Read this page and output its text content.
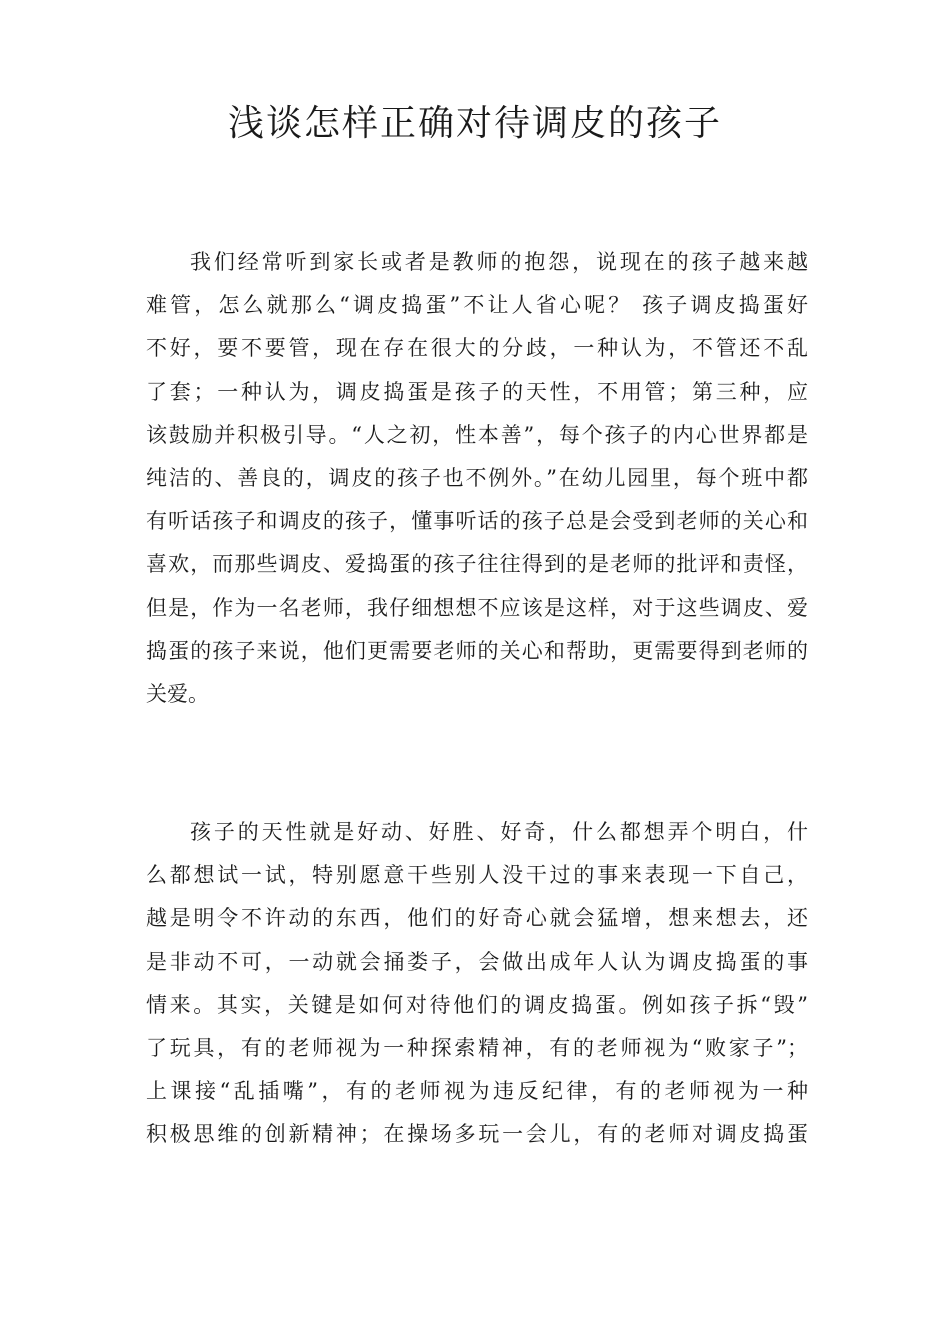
浅谈怎样正确对待调皮的孩子
我们经常听到家长或者是教师的抱怨，说现在的孩子越来越
难管，怎么就那么“调皮捣蛋”不让人省心呢？ 孩子调皮捣蛋好
不好，要不要管，现在存在很大的分歧，一种认为，不管还不乱
了套；一种认为，调皮捣蛋是孩子的天性，不用管；第三种，应
该鼓励并积极引导。“人之初，性本善”，每个孩子的内心世界都是
纯洁的、善良的，调皮的孩子也不例外。”在幼儿园里，每个班中都
有听话孩子和调皮的孩子，懂事听话的孩子总是会受到老师的关心和
喜欢，而那些调皮、爱捣蛋的孩子往往得到的是老师的批评和责怪，
但是，作为一名老师，我仔细想想不应该是这样，对于这些调皮、爱
捣蛋的孩子来说，他们更需要老师的关心和帮助，更需要得到老师的
关爱。
孩子的天性就是好动、好胜、好奇，什么都想弄个明白，什
么都想试一试，特别愿意干些别人没干过的事来表现一下自己，
越是明令不许动的东西，他们的好奇心就会猛增，想来想去，还
是非动不可，一动就会捅娄子，会做出成年人认为调皮捣蛋的事
情来。其实，关键是如何对待他们的调皮捣蛋。例如孩子拆“毁”
了玩具，有的老师视为一种探索精神，有的老师视为“败家子”；
上课接“乱插嘴”，有的老师视为违反纪律，有的老师视为一种
积极思维的创新精神；在操场多玩一会儿，有的老师对调皮捣蛋
